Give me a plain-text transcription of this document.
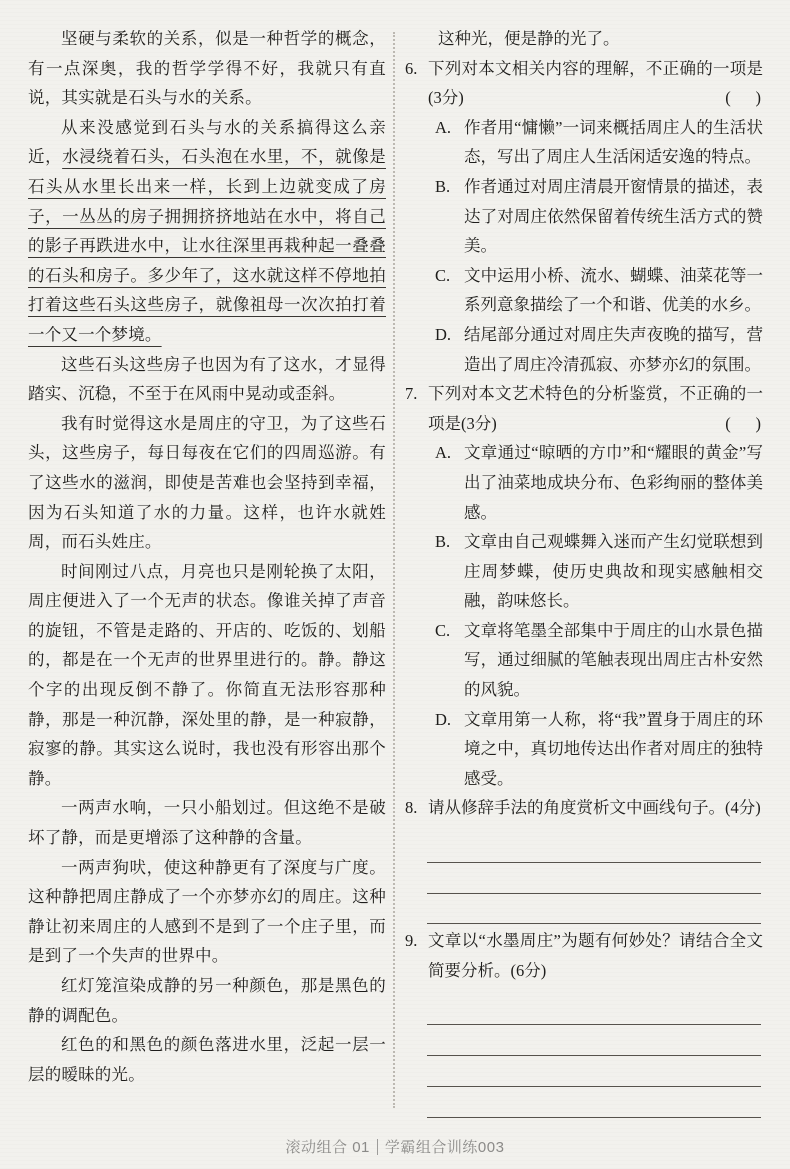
坚硬与柔软的关系，似是一种哲学的概念，有一点深奥，我的哲学学得不好，我就只有直说，其实就是石头与水的关系。

从来没感觉到石头与水的关系搞得这么亲近，水浸绕着石头，石头泡在水里，不，就像是石头从水里长出来一样，长到上边就变成了房子，一丛丛的房子拥拥挤挤地站在水中，将自己的影子再跌进水中，让水往深里再栽种起一叠叠的石头和房子。多少年了，这水就这样不停地拍打着这些石头这些房子，就像祖母一次次拍打着一个又一个梦境。

这些石头这些房子也因为有了这水，才显得踏实、沉稳，不至于在风雨中晃动或歪斜。

我有时觉得这水是周庄的守卫，为了这些石头，这些房子，每日每夜在它们的四周巡游。有了这些水的滋润，即使是苦难也会坚持到幸福，因为石头知道了水的力量。这样，也许水就姓周，而石头姓庄。

时间刚过八点，月亮也只是刚轮换了太阳，周庄便进入了一个无声的状态。像谁关掉了声音的旋钮，不管是走路的、开店的、吃饭的、划船的，都是在一个无声的世界里进行的。静。静这个字的出现反倒不静了。你简直无法形容那种静，那是一种沉静，深处里的静，是一种寂静，寂寥的静。其实这么说时，我也没有形容出那个静。

一两声水响，一只小船划过。但这绝不是破坏了静，而是更增添了这种静的含量。

一两声狗吠，使这种静更有了深度与广度。这种静把周庄静成了一个亦梦亦幻的周庄。这种静让初来周庄的人感到不是到了一个庄子里，而是到了一个失声的世界中。

红灯笼渲染成静的另一种颜色，那是黑色的静的调配色。

红色的和黑色的颜色落进水里，泛起一层一层的暧昧的光。

这种光，便是静的光了。

6. 下列对本文相关内容的理解，不正确的一项是(3分)	(      )
A. 作者用“慵懒”一词来概括周庄人的生活状态，写出了周庄人生活闲适安逸的特点。
B. 作者通过对周庄清晨开窗情景的描述，表达了对周庄依然保留着传统生活方式的赞美。
C. 文中运用小桥、流水、蝴蝶、油菜花等一系列意象描绘了一个和谐、优美的水乡。
D. 结尾部分通过对周庄失声夜晚的描写，营造出了周庄冷清孤寂、亦梦亦幻的氛围。
7. 下列对本文艺术特色的分析鉴赏，不正确的一项是(3分)	(      )
A. 文章通过“晾晒的方巾”和“耀眼的黄金”写出了油菜地成块分布、色彩绚丽的整体美感。
B. 文章由自己观蝶舞入迷而产生幻觉联想到庄周梦蝶，使历史典故和现实感触相交融，韵味悠长。
C. 文章将笔墨全部集中于周庄的山水景色描写，通过细腻的笔触表现出周庄古朴安然的风貌。
D. 文章用第一人称，将“我”置身于周庄的环境之中，真切地传达出作者对周庄的独特感受。
8. 请从修辞手法的角度赏析文中画线句子。(4分)
9. 文章以“水墨周庄”为题有何妙处？请结合全文简要分析。(6分)
滚动组合 01 学霸组合训练003
